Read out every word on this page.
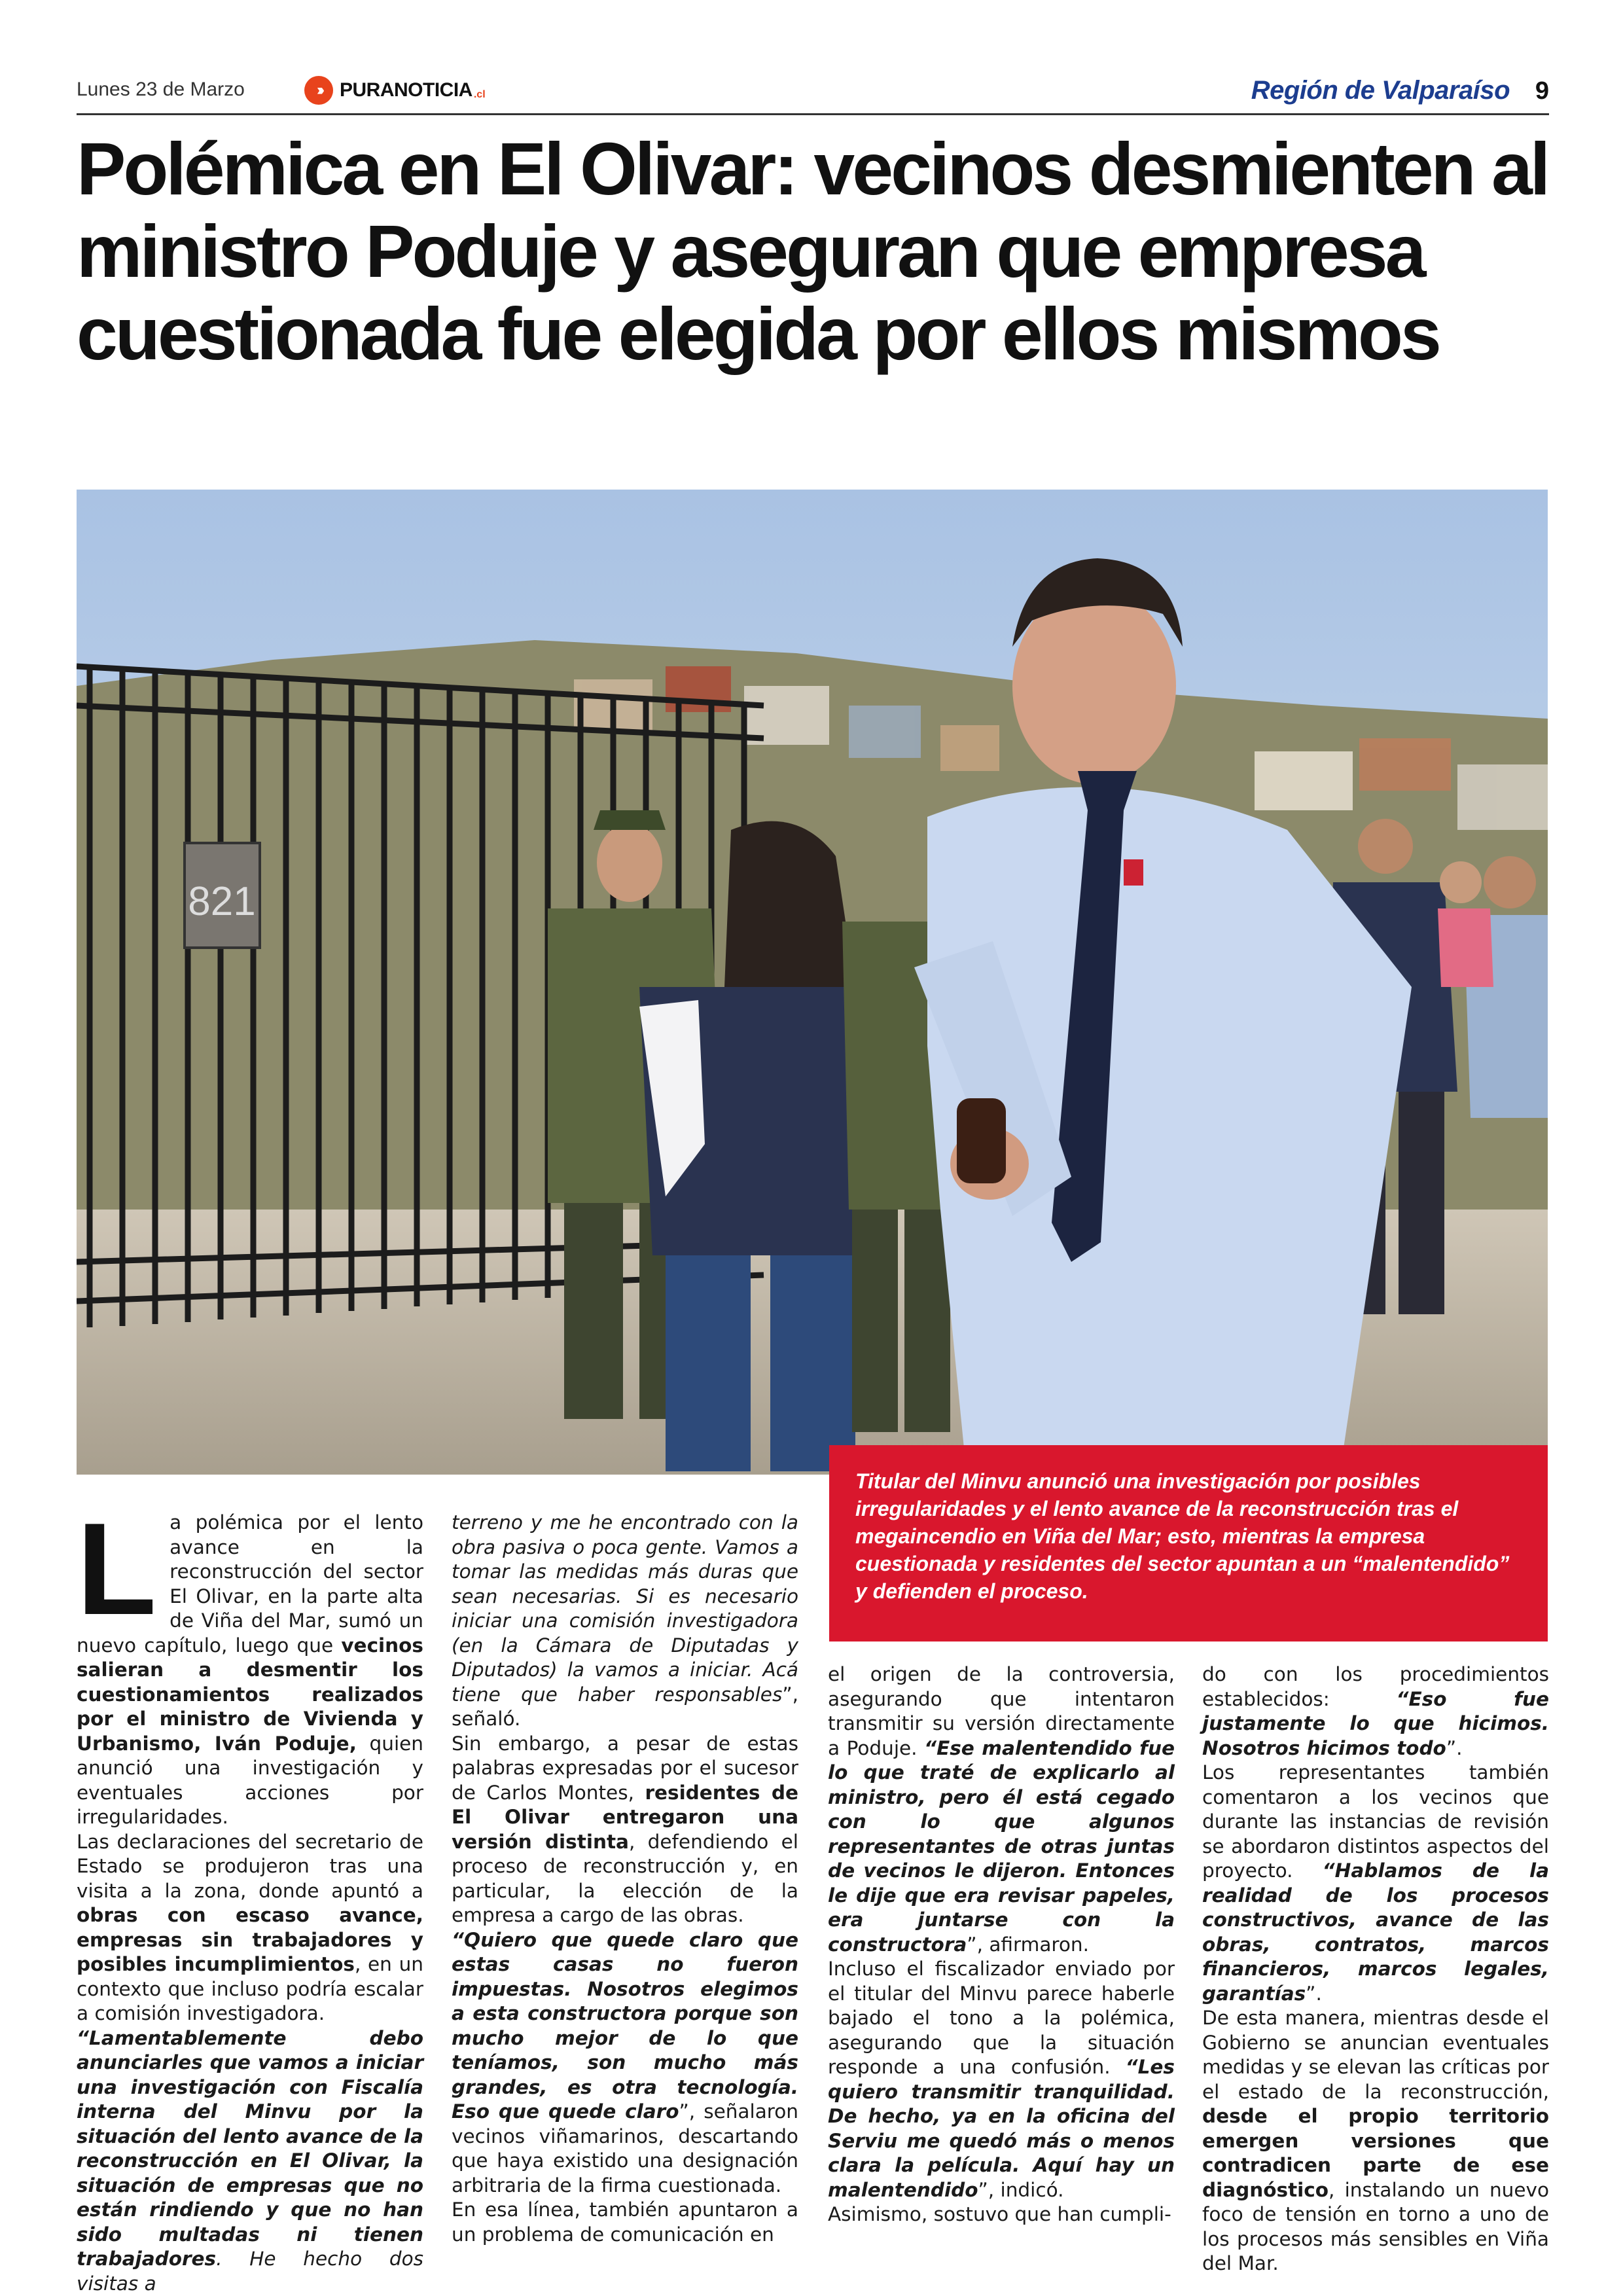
Lunes 23 de Marzo	››› PURANOTICIA .cl	Región de Valparaíso 9
Polémica en El Olivar: vecinos desmienten al ministro Poduje y aseguran que empresa cuestionada fue elegida por ellos mismos
821
Titular del Minvu anunció una investigación por posibles irregularidades y el lento avance de la reconstrucción tras el megaincendio en Viña del Mar; esto, mientras la empresa cuestionada y residentes del sector apuntan a un “malentendido” y defienden el proceso.

La polémica por el lento avance en la reconstrucción del sector El Olivar, en la parte alta de Viña del Mar, sumó un nuevo capítulo, luego que vecinos salieran a desmentir los cuestionamientos realizados por el ministro de Vivienda y Urbanismo, Iván Poduje, quien anunció una investigación y eventuales acciones por irregularidades.

Las declaraciones del secretario de Estado se produjeron tras una visita a la zona, donde apuntó a obras con escaso avance, empresas sin trabajadores y posibles incumplimientos, en un contexto que incluso podría escalar a comisión investigadora.

“Lamentablemente debo anunciarles que vamos a iniciar una investigación con Fiscalía interna del Minvu por la situación del lento avance de la reconstrucción en El Olivar, la situación de empresas que no están rindiendo y que no han sido multadas ni tienen trabajadores. He hecho dos visitas a

terreno y me he encontrado con la obra pasiva o poca gente. Vamos a tomar las medidas más duras que sean necesarias. Si es necesario iniciar una comisión investigadora (en la Cámara de Diputadas y Diputados) la vamos a iniciar. Acá tiene que haber responsables”, señaló.

Sin embargo, a pesar de estas palabras expresadas por el sucesor de Carlos Montes, residentes de El Olivar entregaron una versión distinta, defendiendo el proceso de reconstrucción y, en particular, la elección de la empresa a cargo de las obras.

“Quiero que quede claro que estas casas no fueron impuestas. Nosotros elegimos a esta constructora porque son mucho mejor de lo que teníamos, son mucho más grandes, es otra tecnología. Eso que quede claro”, señalaron vecinos viñamarinos, descartando que haya existido una designación arbitraria de la firma cuestionada.

En esa línea, también apuntaron a un problema de comunicación en

el origen de la controversia, asegurando que intentaron transmitir su versión directamente a Poduje. “Ese malentendido fue lo que traté de explicarlo al ministro, pero él está cegado con lo que algunos representantes de otras juntas de vecinos le dijeron. Entonces le dije que era revisar papeles, era juntarse con la constructora”, afirmaron.

Incluso el fiscalizador enviado por el titular del Minvu parece haberle bajado el tono a la polémica, asegurando que la situación responde a una confusión. “Les quiero transmitir tranquilidad. De hecho, ya en la oficina del Serviu me quedó más o menos clara la película. Aquí hay un malentendido”, indicó.

Asimismo, sostuvo que han cumpli-

do con los procedimientos establecidos: “Eso fue justamente lo que hicimos. Nosotros hicimos todo”.

Los representantes también comentaron a los vecinos que durante las instancias de revisión se abordaron distintos aspectos del proyecto. “Hablamos de la realidad de los procesos constructivos, avance de las obras, contratos, marcos financieros, marcos legales, garantías”.

De esta manera, mientras desde el Gobierno se anuncian eventuales medidas y se elevan las críticas por el estado de la reconstrucción, desde el propio territorio emergen versiones que contradicen parte de ese diagnóstico, instalando un nuevo foco de tensión en torno a uno de los procesos más sensibles en Viña del Mar.
